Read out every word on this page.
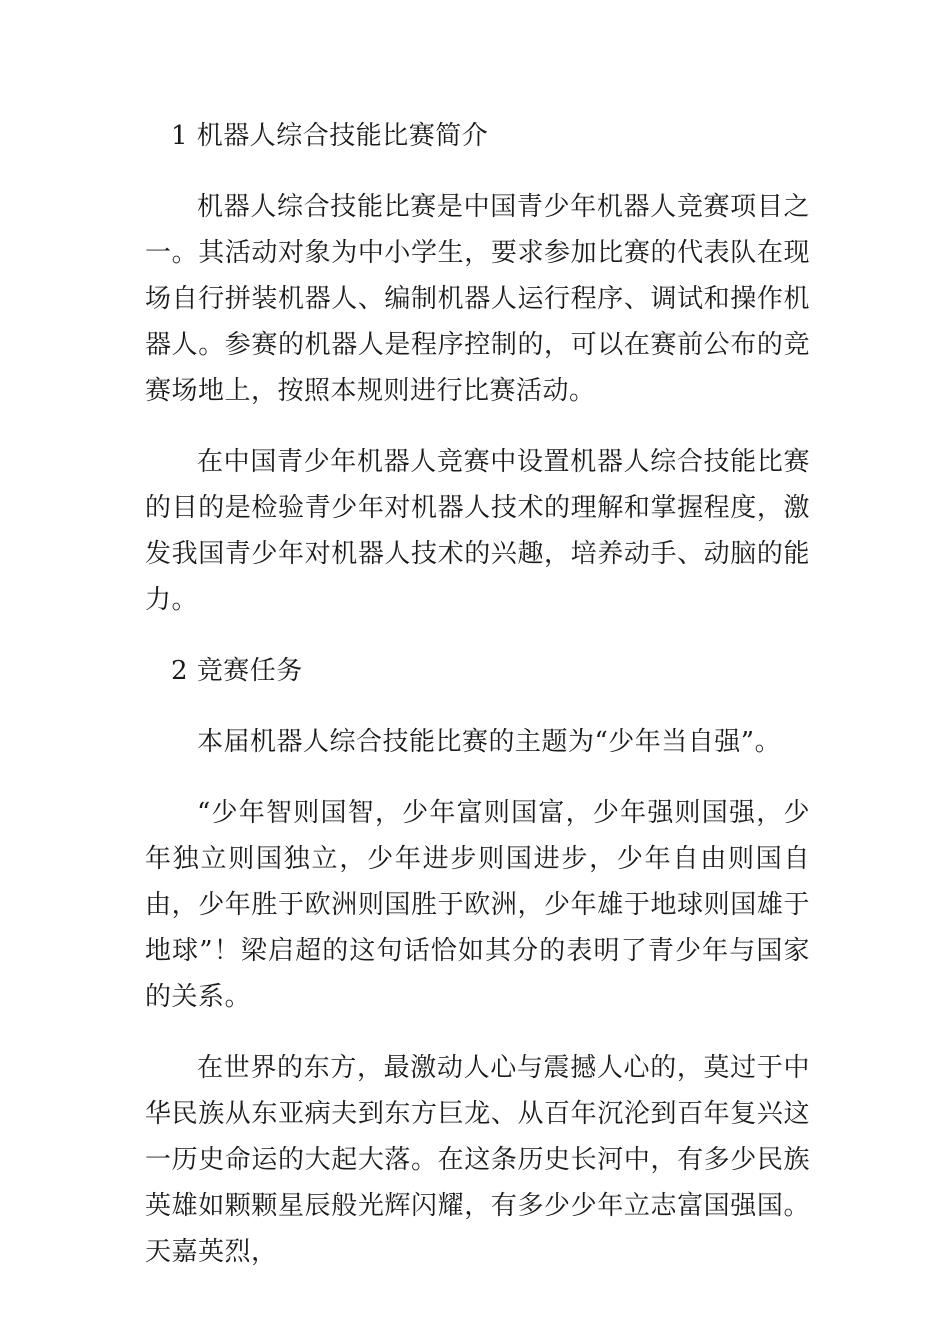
1 机器人综合技能比赛简介
机器人综合技能比赛是中国青少年机器人竞赛项目之一。其活动对象为中小学生，要求参加比赛的代表队在现场自行拼装机器人、编制机器人运行程序、调试和操作机器人。参赛的机器人是程序控制的，可以在赛前公布的竞赛场地上，按照本规则进行比赛活动。
在中国青少年机器人竞赛中设置机器人综合技能比赛的目的是检验青少年对机器人技术的理解和掌握程度，激发我国青少年对机器人技术的兴趣，培养动手、动脑的能力。
2 竞赛任务
本届机器人综合技能比赛的主题为“少年当自强”。
“少年智则国智，少年富则国富，少年强则国强，少年独立则国独立，少年进步则国进步，少年自由则国自由，少年胜于欧洲则国胜于欧洲，少年雄于地球则国雄于地球”！梁启超的这句话恰如其分的表明了青少年与国家的关系。
在世界的东方，最激动人心与震撼人心的，莫过于中华民族从东亚病夫到东方巨龙、从百年沉沦到百年复兴这一历史命运的大起大落。在这条历史长河中，有多少民族英雄如颗颗星辰般光辉闪耀，有多少少年立志富国强国。天嘉英烈，
